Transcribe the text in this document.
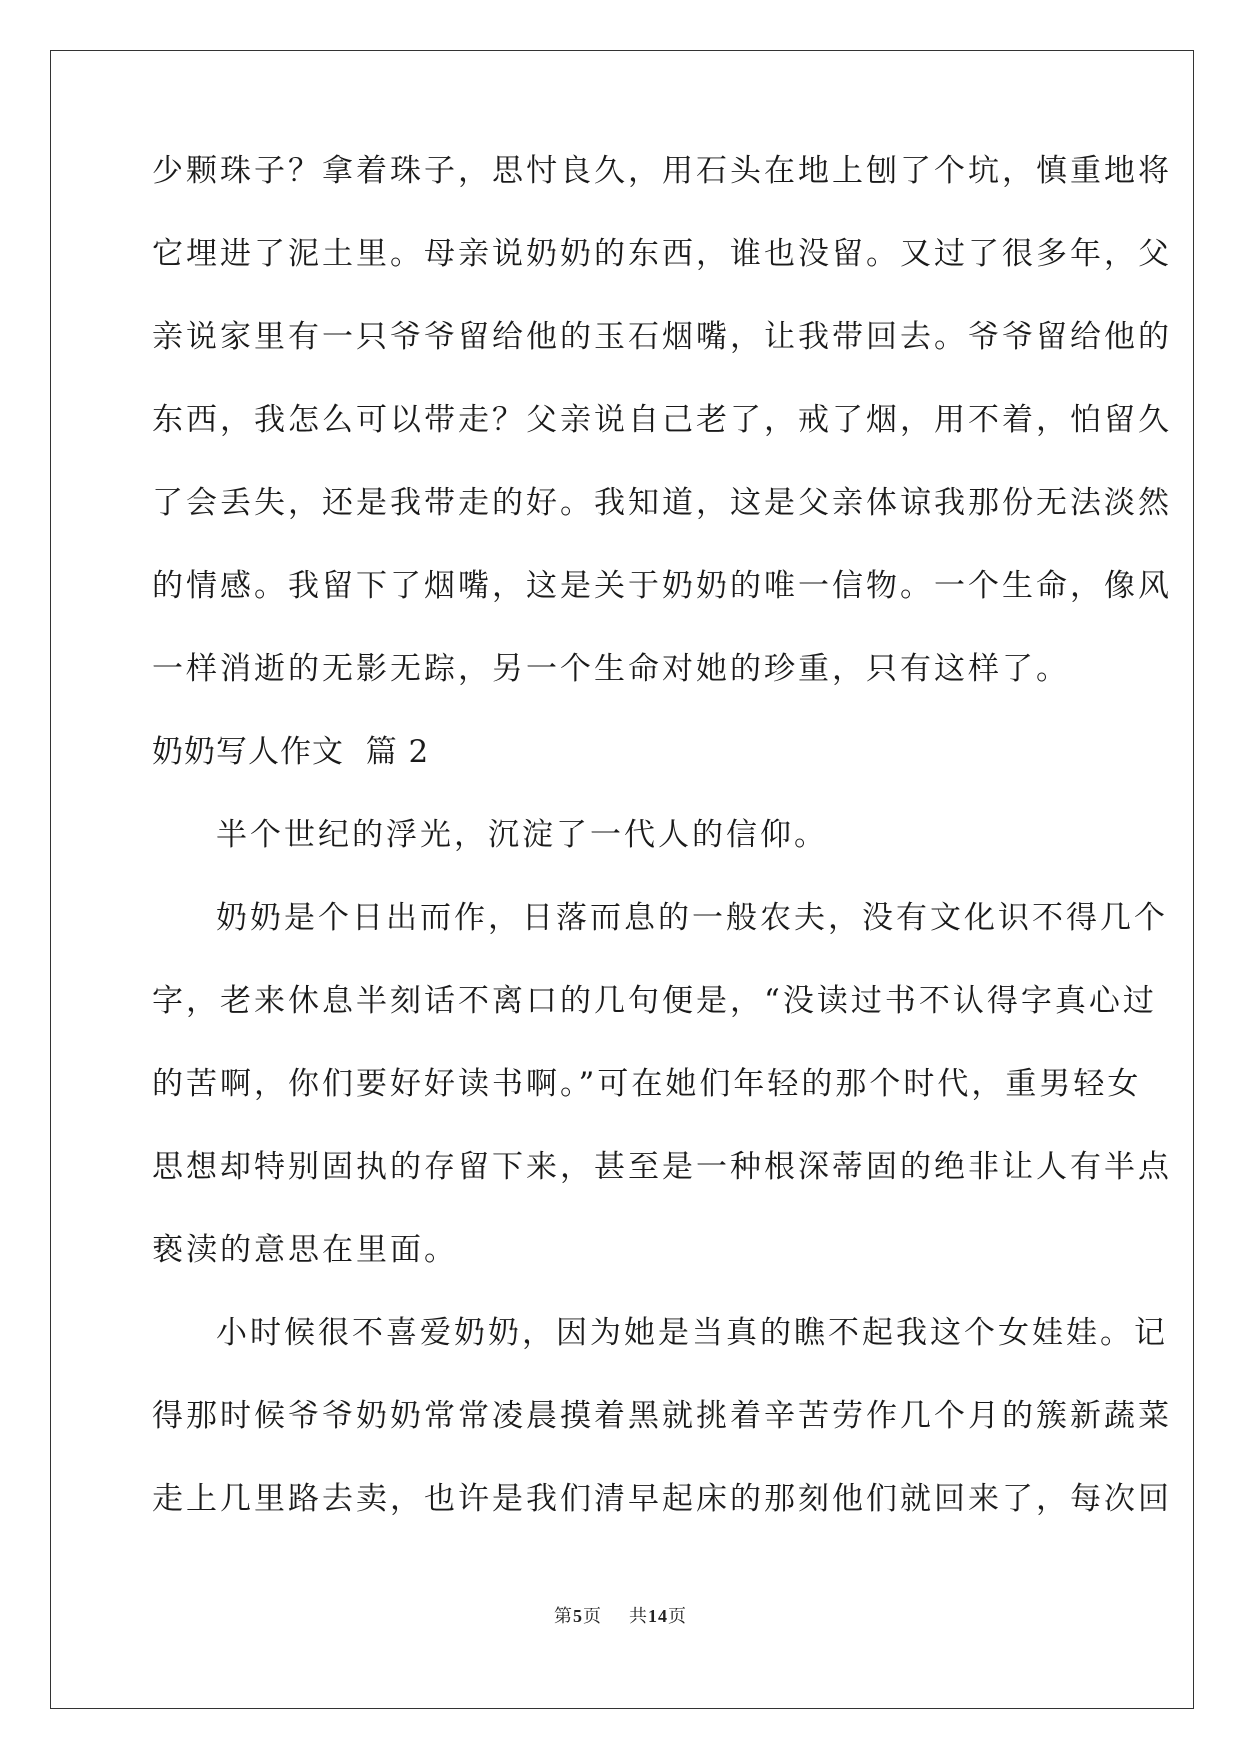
少颗珠子？拿着珠子，思忖良久，用石头在地上刨了个坑，慎重地将
它埋进了泥土里。母亲说奶奶的东西，谁也没留。又过了很多年，父
亲说家里有一只爷爷留给他的玉石烟嘴，让我带回去。爷爷留给他的
东西，我怎么可以带走？父亲说自己老了，戒了烟，用不着，怕留久
了会丢失，还是我带走的好。我知道，这是父亲体谅我那份无法淡然
的情感。我留下了烟嘴，这是关于奶奶的唯一信物。一个生命，像风
一样消逝的无影无踪，另一个生命对她的珍重，只有这样了。
奶奶写人作文  篇 2
半个世纪的浮光，沉淀了一代人的信仰。
奶奶是个日出而作，日落而息的一般农夫，没有文化识不得几个
字，老来休息半刻话不离口的几句便是，“没读过书不认得字真心过
的苦啊，你们要好好读书啊。”可在她们年轻的那个时代，重男轻女
思想却特别固执的存留下来，甚至是一种根深蒂固的绝非让人有半点
亵渎的意思在里面。
小时候很不喜爱奶奶，因为她是当真的瞧不起我这个女娃娃。记
得那时候爷爷奶奶常常凌晨摸着黑就挑着辛苦劳作几个月的簇新蔬菜
走上几里路去卖，也许是我们清早起床的那刻他们就回来了，每次回
第5页 共14页
